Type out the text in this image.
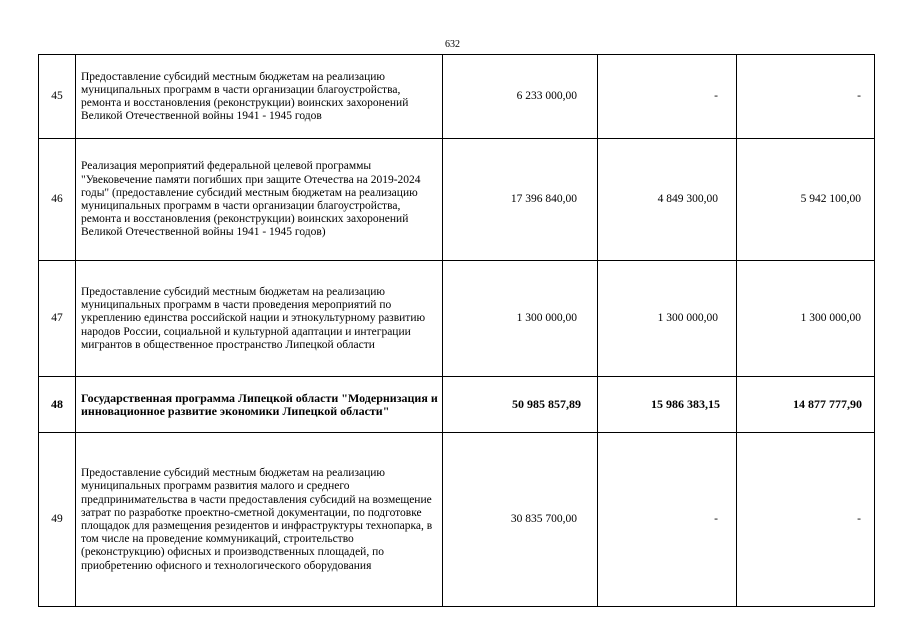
632
45	Предоставление субсидий местным бюджетам на реализацию муниципальных программ в части организации благоустройства, ремонта и восстановления (реконструкции) воинских захоронений Великой Отечественной войны 1941 - 1945 годов	6 233 000,00	-	-
46	Реализация мероприятий федеральной целевой программы "Увековечение памяти погибших при защите Отечества на 2019-2024 годы" (предоставление субсидий местным бюджетам на реализацию муниципальных программ в части организации благоустройства, ремонта и восстановления (реконструкции) воинских захоронений Великой Отечественной войны 1941 - 1945 годов)	17 396 840,00	4 849 300,00	5 942 100,00
47	Предоставление субсидий местным бюджетам на реализацию муниципальных программ в части проведения мероприятий по укреплению единства российской нации и этнокультурному развитию народов России, социальной и культурной адаптации и интеграции мигрантов в общественное пространство Липецкой области	1 300 000,00	1 300 000,00	1 300 000,00
48	Государственная программа Липецкой области "Модернизация и инновационное развитие экономики Липецкой области"	50 985 857,89	15 986 383,15	14 877 777,90
49	Предоставление субсидий местным бюджетам на реализацию муниципальных программ развития малого и среднего предпринимательства в части предоставления субсидий на возмещение затрат по разработке проектно-сметной документации, по подготовке площадок для размещения резидентов и инфраструктуры технопарка, в том числе на проведение коммуникаций, строительство (реконструкцию) офисных и производственных площадей, по приобретению офисного и технологического оборудования	30 835 700,00	-	-
